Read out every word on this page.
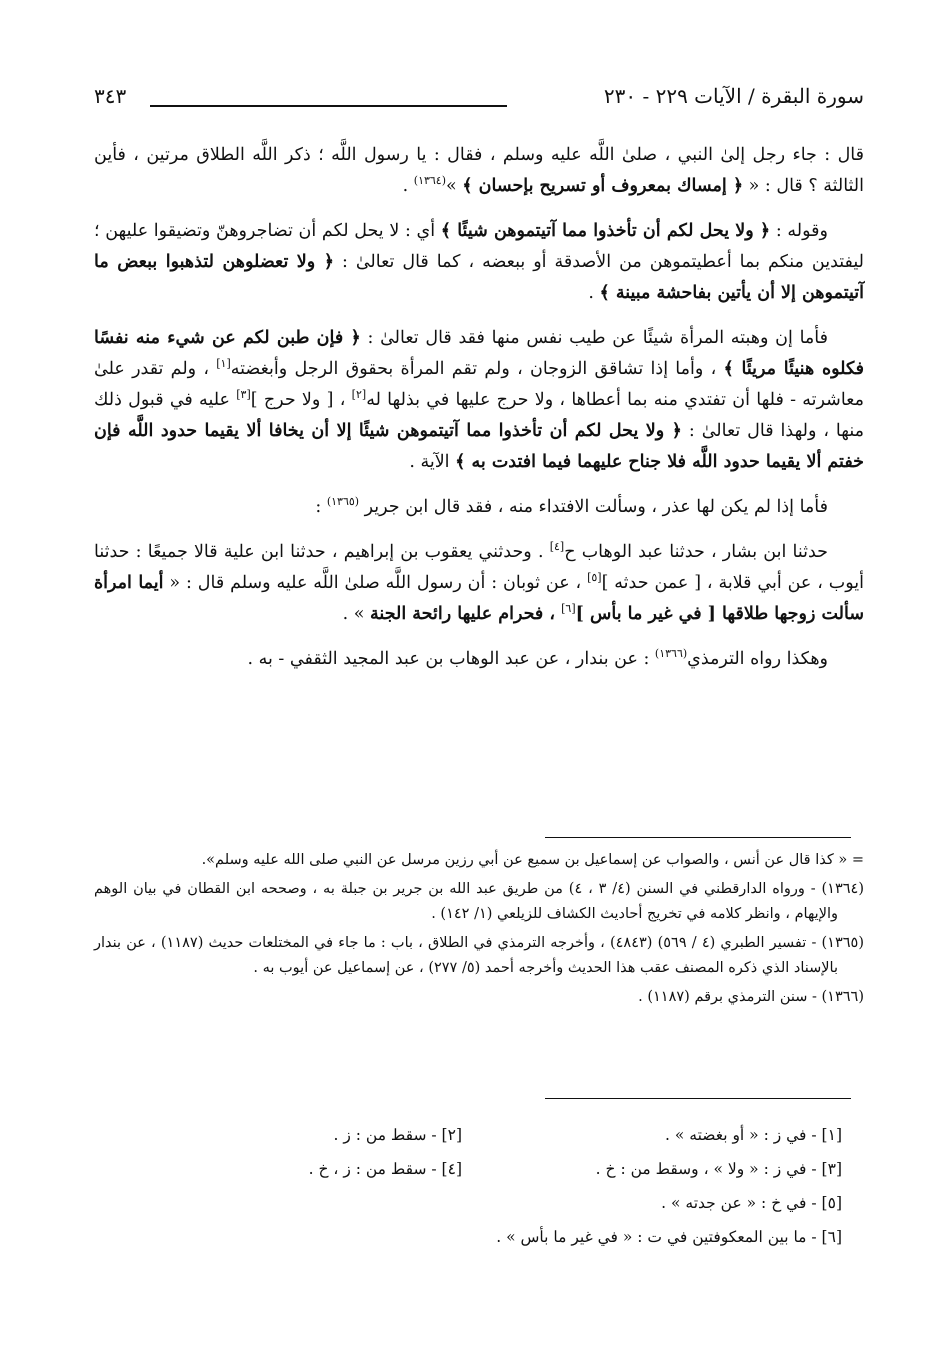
سورة البقرة / الآيات ٢٢٩ - ٢٣٠
٣٤٣

قال : جاء رجل إلىٰ النبي ، صلىٰ اللَّه عليه وسلم ، فقال : يا رسول اللَّه ؛ ذكر اللَّه الطلاق مرتين ، فأين الثالثة ؟ قال : « ﴿ إمساك بمعروف أو تسريح بإحسان ﴾ »$^{(١٣٦٤)}$ .

وقوله : ﴿ ولا يحل لكم أن تأخذوا مما آتيتموهن شيئًا ﴾ أي : لا يحل لكم أن تضاجروهنّ وتضيقوا عليهن ؛ ليفتدين منكم بما أعطيتموهن من الأصدقة أو ببعضه ، كما قال تعالىٰ : ﴿ ولا تعضلوهن لتذهبوا ببعض ما آتيتموهن إلا أن يأتين بفاحشة مبينة ﴾ .

فأما إن وهبته المرأة شيئًا عن طيب نفس منها فقد قال تعالىٰ : ﴿ فإن طبن لكم عن شيء منه نفسًا فكلوه هنيئًا مريئًا ﴾ ، وأما إذا تشاقق الزوجان ، ولم تقم المرأة بحقوق الرجل وأبغضته[١] ، ولم تقدر علىٰ معاشرته - فلها أن تفتدي منه بما أعطاها ، ولا حرج عليها في بذلها له[٢] ، [ ولا حرج ][٣] عليه في قبول ذلك منها ، ولهذا قال تعالىٰ : ﴿ ولا يحل لكم أن تأخذوا مما آتيتموهن شيئًا إلا أن يخافا ألا يقيما حدود اللَّه فإن خفتم ألا يقيما حدود اللَّه فلا جناح عليهما فيما افتدت به ﴾ الآية .

فأما إذا لم يكن لها عذر ، وسألت الافتداء منه ، فقد قال ابن جرير $^{(١٣٦٥)}$ :

حدثنا ابن بشار ، حدثنا عبد الوهاب ح[٤] . وحدثني يعقوب بن إبراهيم ، حدثنا ابن علية قالا جميعًا : حدثنا أيوب ، عن أبي قلابة ، [ عمن حدثه ][٥] ، عن ثوبان : أن رسول اللَّه صلىٰ اللَّه عليه وسلم قال : « أيما امرأة سألت زوجها طلاقها [ في غير ما بأس ][٦] ، فحرام عليها رائحة الجنة » .

وهكذا رواه الترمذي$^{(١٣٦٦)}$ : عن بندار ، عن عبد الوهاب بن عبد المجيد الثقفي - به .

= « كذا قال عن أنس ، والصواب عن إسماعيل بن سميع عن أبي رزين مرسل عن النبي صلى الله عليه وسلم».

(١٣٦٤) - ورواه الدارقطني في السنن (٤/ ٣ ، ٤) من طريق عبد الله بن جرير بن جبلة به ، وصححه ابن القطان في بيان الوهم والإيهام ، وانظر كلامه في تخريج أحاديث الكشاف للزيلعي (١/ ١٤٢) .

(١٣٦٥) - تفسير الطبري (٤ / ٥٦٩) (٤٨٤٣) ، وأخرجه الترمذي في الطلاق ، باب : ما جاء في المختلعات حديث (١١٨٧) ، عن بندار بالإسناد الذي ذكره المصنف عقب هذا الحديث وأخرجه أحمد (٥/ ٢٧٧) ، عن إسماعيل عن أيوب به .

(١٣٦٦) - سنن الترمذي برقم (١١٨٧) .

[١] - في ز : « أو بغضته » .
[٢] - سقط من : ز .
[٣] - في ز : « ولا » ، وسقط من : خ .
[٤] - سقط من : ز ، خ .
[٥] - في خ : « عن جدته » .
[٦] - ما بين المعكوفتين في ت : « في غير ما بأس » .
